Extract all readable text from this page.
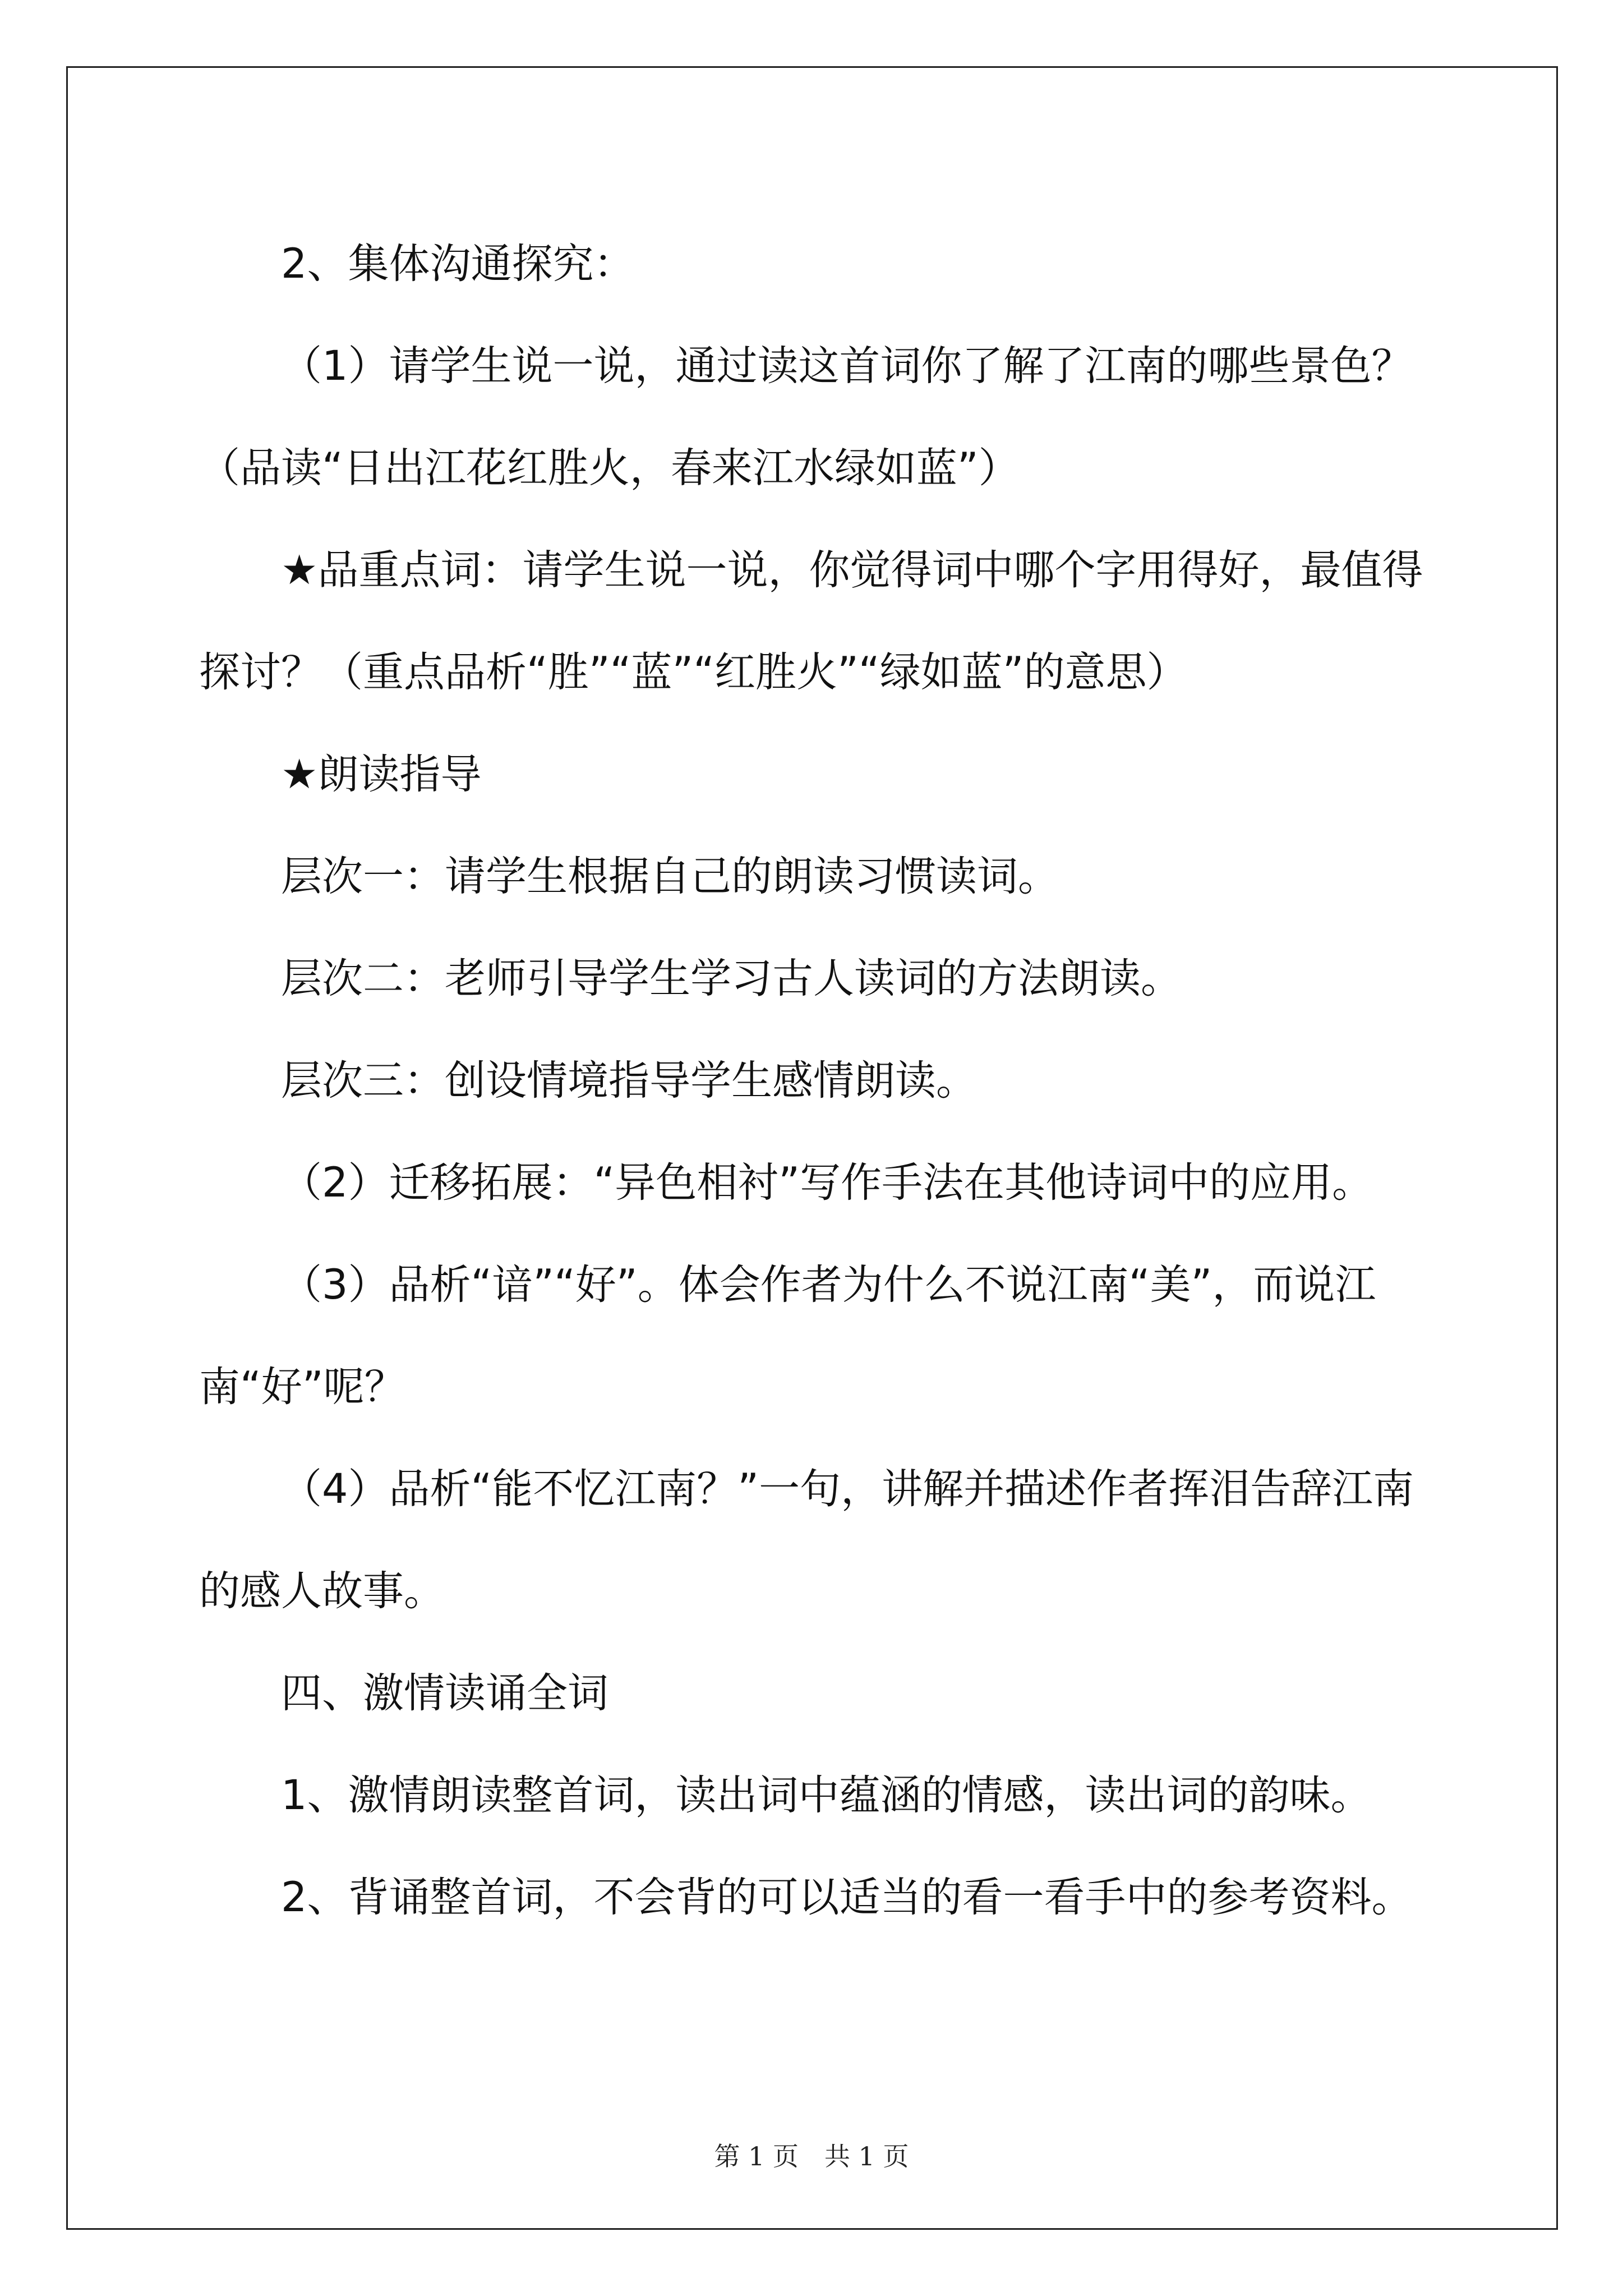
2、集体沟通探究：

（1）请学生说一说，通过读这首词你了解了江南的哪些景色？

（品读“日出江花红胜火，春来江水绿如蓝”）

★品重点词：请学生说一说，你觉得词中哪个字用得好，最值得

探讨？（重点品析“胜”“蓝”“红胜火”“绿如蓝”的意思）

★朗读指导

层次一：请学生根据自己的朗读习惯读词。

层次二：老师引导学生学习古人读词的方法朗读。

层次三：创设情境指导学生感情朗读。

（2）迁移拓展：“异色相衬”写作手法在其他诗词中的应用。

（3）品析“谙”“好”。体会作者为什么不说江南“美”，而说江

南“好”呢？

（4）品析“能不忆江南？”一句，讲解并描述作者挥泪告辞江南

的感人故事。

四、激情读诵全词

1、激情朗读整首词，读出词中蕴涵的情感，读出词的韵味。

2、背诵整首词，不会背的可以适当的看一看手中的参考资料。

第 1 页　共 1 页
